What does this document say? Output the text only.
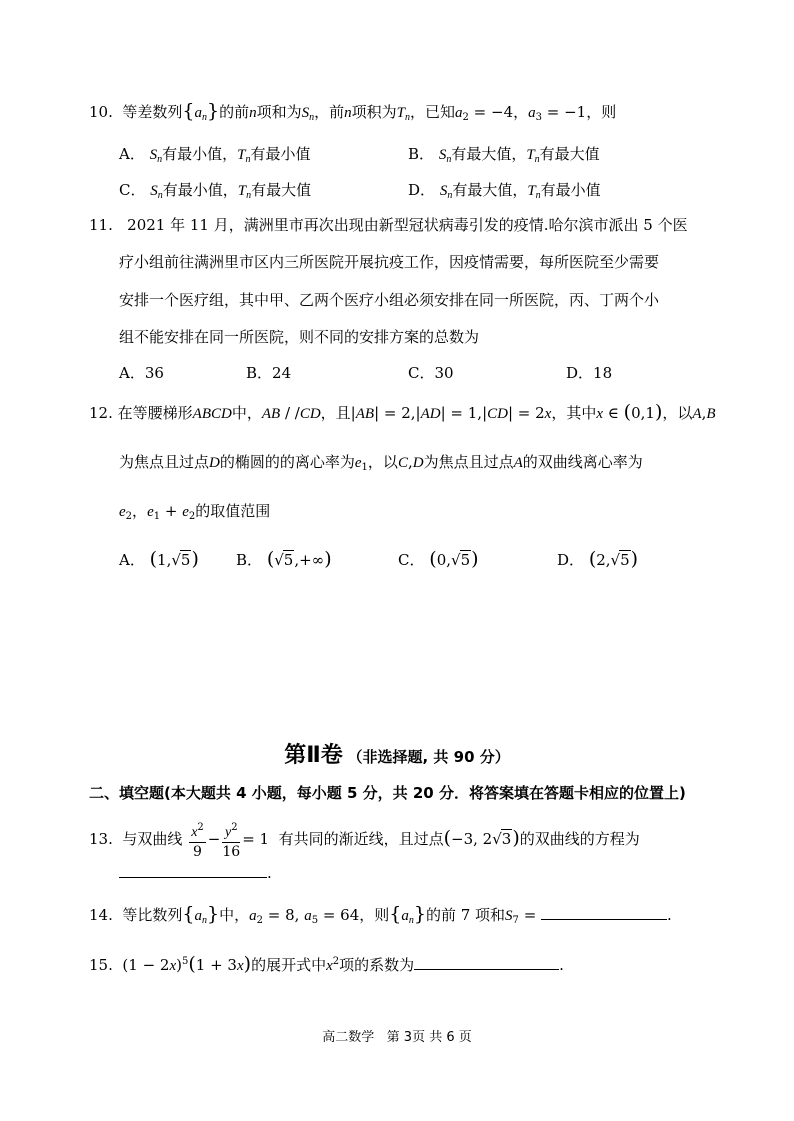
10.  等差数列$\{a_n\}$的前n项和为$S_n$，前n项积为$T_n$，已知$a_2 = -4$，$a_3 = -1$，则
A． $S_n$有最小值，$T_n$有最小值	B． $S_n$有最大值，$T_n$有最大值
C． $S_n$有最小值，$T_n$有最大值	D． $S_n$有最大值，$T_n$有最小值
11. 2021 年 11 月，满洲里市再次出现由新型冠状病毒引发的疫情.哈尔滨市派出 5 个医
疗小组前往满洲里市区内三所医院开展抗疫工作，因疫情需要，每所医院至少需要
安排一个医疗组，其中甲、乙两个医疗小组必须安排在同一所医院，丙、丁两个小
组不能安排在同一所医院，则不同的安排方案的总数为
A．36	B．24	C．30	D．18
12. 在等腰梯形ABCD中，AB / /CD，且|AB| = 2,|AD| = 1,|CD| = 2x，其中x ∈ (0,1)，以A,B
为焦点且过点D的椭圆的的离心率为$e_1$，以C,D为焦点且过点A的双曲线离心率为
$e_2$，$e_1 + e_2$的取值范围
A． (1,√5) B． (√5,+∞)	C． (0,√5)	D． (2,√5)
第Ⅱ卷 （非选择题, 共 90 分）
二、填空题(本大题共 4 小题，每小题 5 分，共 20 分．将答案填在答题卡相应的位置上)
13.  与双曲线 $\frac{x^2}{9} - \frac{y^2}{16} = 1$  有共同的渐近线，且过点(−3, 2√3)的双曲线的方程为
.
14.  等比数列$\{a_n\}$中，$a_2 = 8$, $a_5 = 64$，则$\{a_n\}$的前 7 项和$S_7$ =	.
15.  $(1 - 2x)^5(1 + 3x)$的展开式中$x^2$项的系数为	.
高二数学 第 3页 共 6 页
